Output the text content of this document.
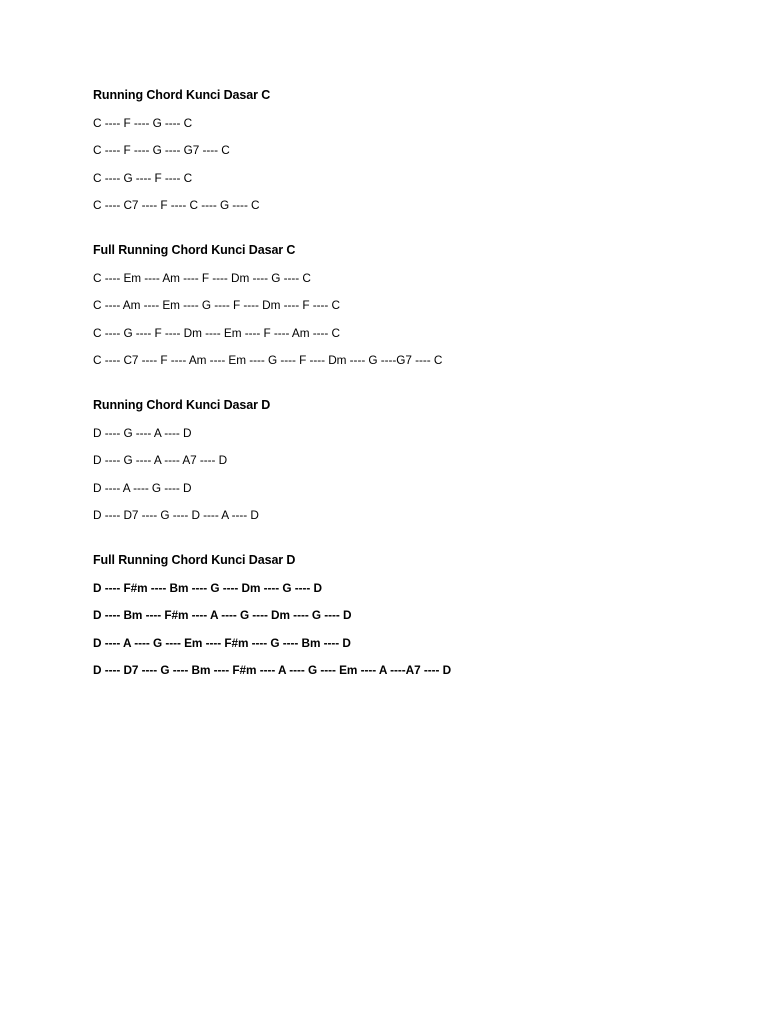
Running Chord Kunci Dasar C
C ---- F ---- G ---- C
C ---- F ---- G ---- G7 ---- C
C ---- G ---- F ---- C
C ---- C7 ---- F ---- C ---- G ---- C
Full Running Chord Kunci Dasar C
C ---- Em ---- Am ---- F ---- Dm ---- G ---- C
C ---- Am ---- Em ---- G ---- F ---- Dm ---- F ---- C
C ---- G ---- F ---- Dm ---- Em ---- F ---- Am ---- C
C ---- C7 ---- F ---- Am ---- Em ---- G ---- F ---- Dm ---- G ----G7 ---- C
Running Chord Kunci Dasar D
D ---- G ---- A ---- D
D ---- G ---- A ---- A7 ---- D
D ---- A ---- G ---- D
D ---- D7 ---- G ---- D ---- A ---- D
Full Running Chord Kunci Dasar D
D ---- F#m ---- Bm ---- G ---- Dm ---- G ---- D
D ---- Bm ---- F#m ---- A ---- G ---- Dm ---- G ---- D
D ---- A ---- G ---- Em ---- F#m ---- G ---- Bm ---- D
D ---- D7 ---- G ---- Bm ---- F#m ---- A ---- G ---- Em ---- A ----A7 ---- D
